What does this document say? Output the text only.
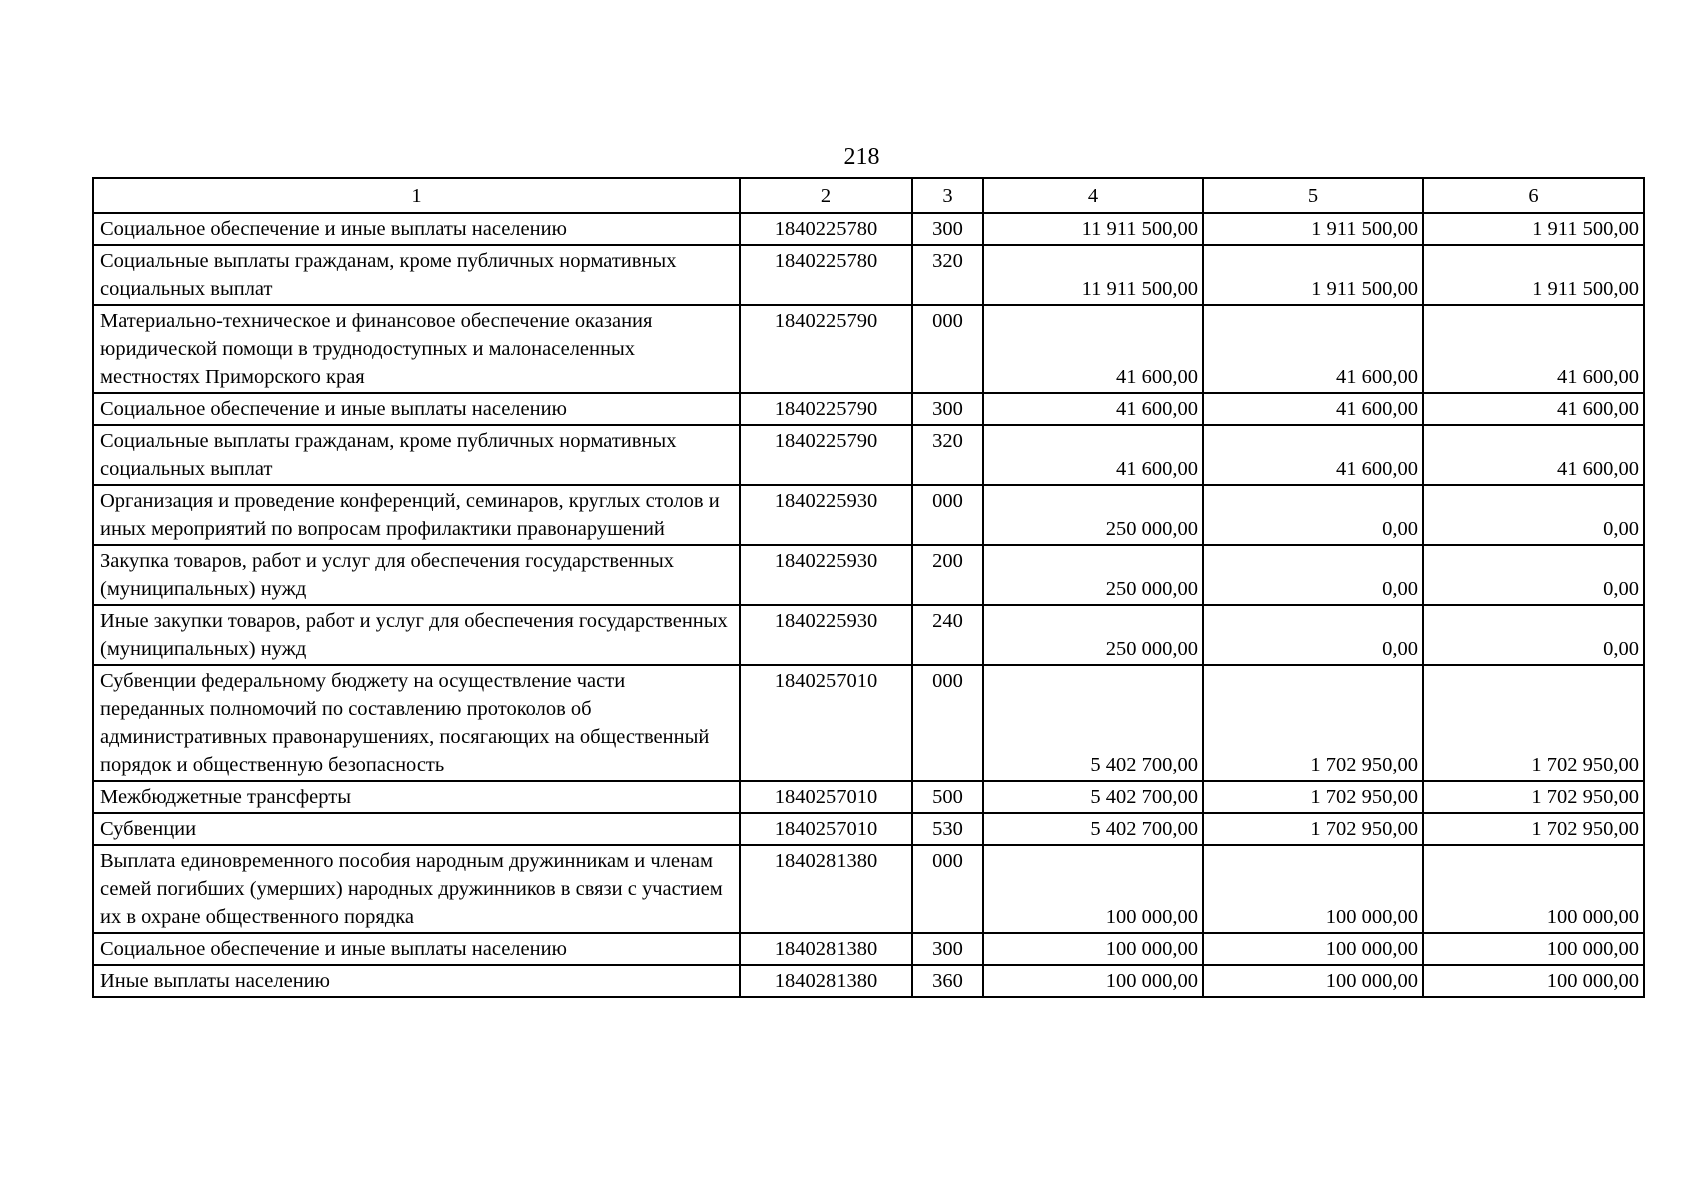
218
1	2	3	4	5	6
Социальное обеспечение и иные выплаты населению	1840225780	300	11 911 500,00	1 911 500,00	1 911 500,00
Социальные выплаты гражданам, кроме публичных нормативных социальных выплат	1840225780	320	11 911 500,00	1 911 500,00	1 911 500,00
Материально-техническое и финансовое обеспечение оказания юридической помощи в труднодоступных и малонаселенных местностях Приморского края	1840225790	000	41 600,00	41 600,00	41 600,00
Социальное обеспечение и иные выплаты населению	1840225790	300	41 600,00	41 600,00	41 600,00
Социальные выплаты гражданам, кроме публичных нормативных социальных выплат	1840225790	320	41 600,00	41 600,00	41 600,00
Организация и проведение конференций, семинаров, круглых столов и иных мероприятий по вопросам профилактики правонарушений	1840225930	000	250 000,00	0,00	0,00
Закупка товаров, работ и услуг для обеспечения государственных (муниципальных) нужд	1840225930	200	250 000,00	0,00	0,00
Иные закупки товаров, работ и услуг для обеспечения государственных (муниципальных) нужд	1840225930	240	250 000,00	0,00	0,00
Субвенции федеральному бюджету на осуществление части переданных полномочий по составлению протоколов об административных правонарушениях, посягающих на общественный порядок и общественную безопасность	1840257010	000	5 402 700,00	1 702 950,00	1 702 950,00
Межбюджетные трансферты	1840257010	500	5 402 700,00	1 702 950,00	1 702 950,00
Субвенции	1840257010	530	5 402 700,00	1 702 950,00	1 702 950,00
Выплата единовременного пособия народным дружинникам и членам семей погибших (умерших) народных дружинников в связи с участием их в охране общественного порядка	1840281380	000	100 000,00	100 000,00	100 000,00
Социальное обеспечение и иные выплаты населению	1840281380	300	100 000,00	100 000,00	100 000,00
Иные выплаты населению	1840281380	360	100 000,00	100 000,00	100 000,00
